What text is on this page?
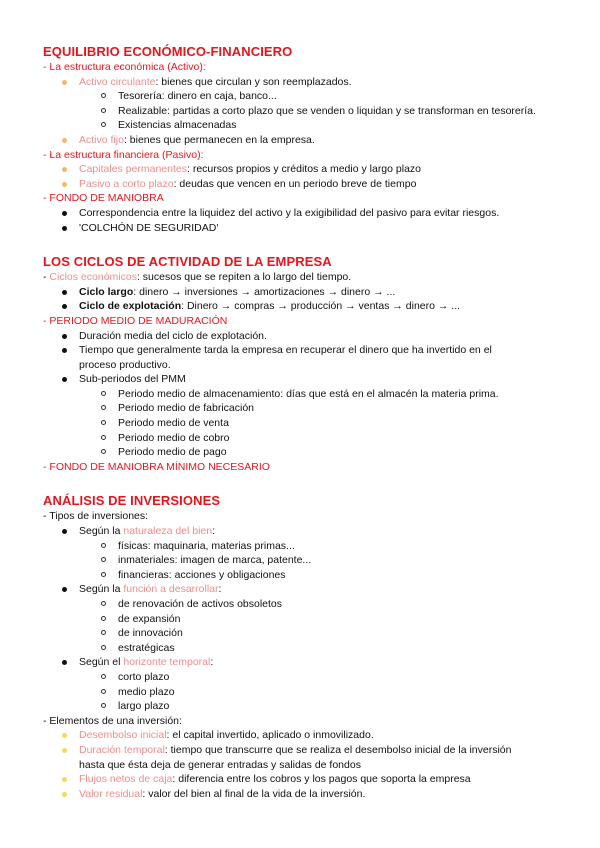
EQUILIBRIO ECONÓMICO-FINANCIERO
- La estructura económica (Activo):
Activo circulante: bienes que circulan y son reemplazados.
Tesorería: dinero en caja, banco...
Realizable: partidas a corto plazo que se venden o liquidan y se transforman en tesorería.
Existencias almacenadas
Activo fijo: bienes que permanecen en la empresa.
- La estructura financiera (Pasivo):
Capitales permanentes: recursos propios y créditos a medio y largo plazo
Pasivo a corto plazo: deudas que vencen en un periodo breve de tiempo
- FONDO DE MANIOBRA
Correspondencia entre la liquidez del activo y la exigibilidad del pasivo para evitar riesgos.
'COLCHÓN DE SEGURIDAD'
LOS CICLOS DE ACTIVIDAD DE LA EMPRESA
- Ciclos económicos: sucesos que se repiten a lo largo del tiempo.
Ciclo largo: dinero → inversiones → amortizaciones → dinero → ...
Ciclo de explotación: Dinero → compras → producción → ventas → dinero → ...
- PERIODO MEDIO DE MADURACIÓN
Duración media del ciclo de explotación.
Tiempo que generalmente tarda la empresa en recuperar el dinero que ha invertido en el proceso productivo.
Sub-periodos del PMM
Periodo medio de almacenamiento: días que está en el almacén la materia prima.
Periodo medio de fabricación
Periodo medio de venta
Periodo medio de cobro
Periodo medio de pago
- FONDO DE MANIOBRA MÍNIMO NECESARIO
ANÁLISIS DE INVERSIONES
- Tipos de inversiones:
Según la naturaleza del bien:
físicas: maquinaria, materias primas...
inmateriales: imagen de marca, patente...
financieras: acciones y obligaciones
Según la función a desarrollar:
de renovación de activos obsoletos
de expansión
de innovación
estratégicas
Según el horizonte temporal:
corto plazo
medio plazo
largo plazo
- Elementos de una inversión:
Desembolso inicial: el capital invertido, aplicado o inmovilizado.
Duración temporal: tiempo que transcurre que se realiza el desembolso inicial de la inversión hasta que ésta deja de generar entradas y salidas de fondos
Flujos netos de caja: diferencia entre los cobros y los pagos que soporta la empresa
Valor residual: valor del bien al final de la vida de la inversión.
